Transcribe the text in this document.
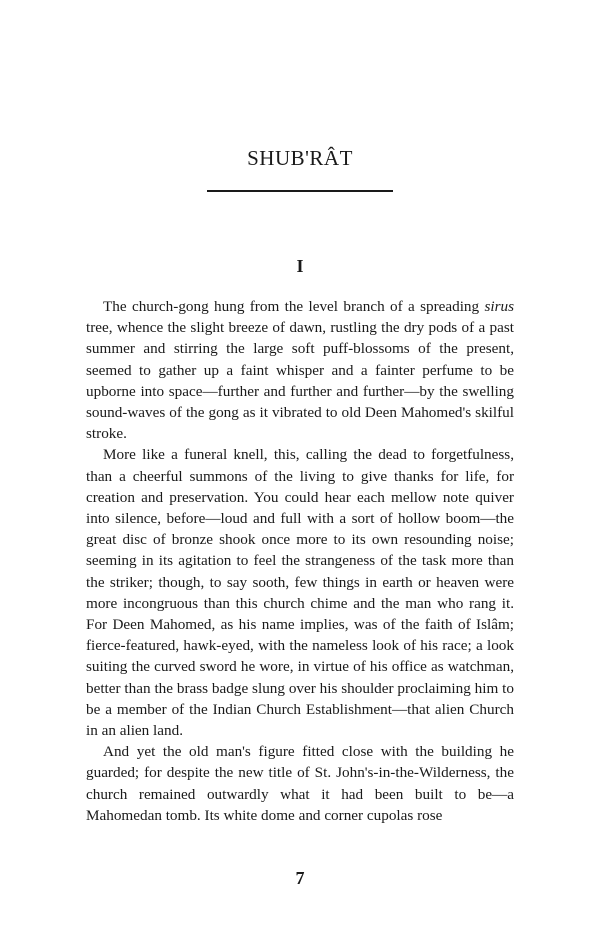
SHUB'RÂT
I

The church-gong hung from the level branch of a spreading sirus tree, whence the slight breeze of dawn, rustling the dry pods of a past summer and stirring the large soft puff-blossoms of the present, seemed to gather up a faint whisper and a fainter perfume to be upborne into space—further and further and further—by the swelling sound-waves of the gong as it vibrated to old Deen Mahomed's skilful stroke.

More like a funeral knell, this, calling the dead to forgetfulness, than a cheerful summons of the living to give thanks for life, for creation and preservation. You could hear each mellow note quiver into silence, before—loud and full with a sort of hollow boom—the great disc of bronze shook once more to its own resounding noise; seeming in its agitation to feel the strangeness of the task more than the striker; though, to say sooth, few things in earth or heaven were more incongruous than this church chime and the man who rang it. For Deen Mahomed, as his name implies, was of the faith of Islâm; fierce-featured, hawk-eyed, with the nameless look of his race; a look suiting the curved sword he wore, in virtue of his office as watchman, better than the brass badge slung over his shoulder proclaiming him to be a member of the Indian Church Establishment—that alien Church in an alien land.

And yet the old man's figure fitted close with the building he guarded; for despite the new title of St. John's-in-the-Wilderness, the church remained outwardly what it had been built to be—a Mahomedan tomb. Its white dome and corner cupolas rose

7
